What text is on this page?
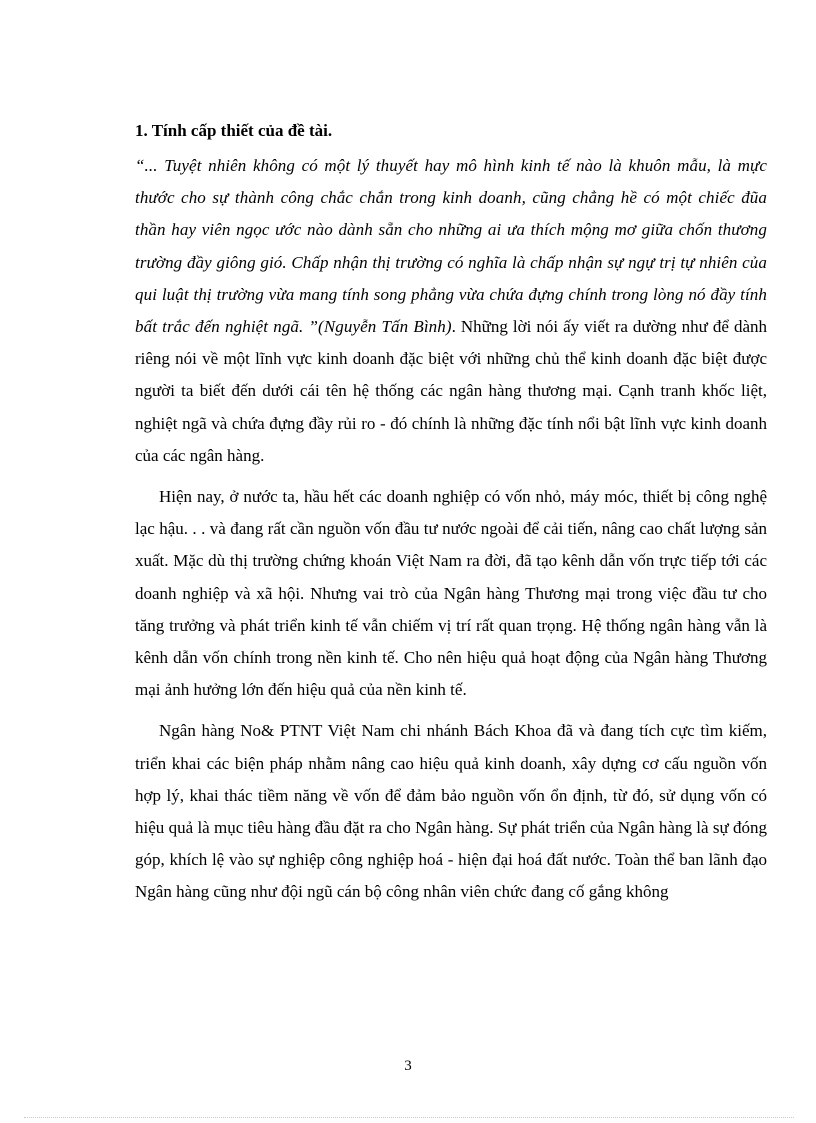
1. Tính cấp thiết của đề tài.

“... Tuyệt nhiên không có một lý thuyết hay mô hình kinh tế nào là khuôn mẫu, là mực thước cho sự thành công chắc chắn trong kinh doanh, cũng chẳng hề có một chiếc đũa thần hay viên ngọc ước nào dành sẵn cho những ai ưa thích mộng mơ giữa chốn thương trường đầy giông gió. Chấp nhận thị trường có nghĩa là chấp nhận sự ngự trị tự nhiên của qui luật thị trường vừa mang tính song phẳng vừa chứa đựng chính trong lòng nó đầy tính bất trắc đến nghiệt ngã. ”(Nguyễn Tấn Bình). Những lời nói ấy viết ra dường như để dành riêng nói về một lĩnh vực kinh doanh đặc biệt với những chủ thể kinh doanh đặc biệt được người ta biết đến dưới cái tên hệ thống các ngân hàng thương mại. Cạnh tranh khốc liệt, nghiệt ngã và chứa đựng đầy rủi ro - đó chính là những đặc tính nổi bật lĩnh vực kinh doanh của các ngân hàng.

Hiện nay, ở nước ta, hầu hết các doanh nghiệp có vốn nhỏ, máy móc, thiết bị công nghệ lạc hậu. . . và đang rất cần nguồn vốn đầu tư nước ngoài để cải tiến, nâng cao chất lượng sản xuất. Mặc dù thị trường chứng khoán Việt Nam ra đời, đã tạo kênh dẫn vốn trực tiếp tới các doanh nghiệp và xã hội. Nhưng vai trò của Ngân hàng Thương mại trong việc đầu tư cho tăng trưởng và phát triển kinh tế vẫn chiếm vị trí rất quan trọng. Hệ thống ngân hàng vẫn là kênh dẫn vốn chính trong nền kinh tế. Cho nên hiệu quả hoạt động của Ngân hàng Thương mại ảnh hưởng lớn đến hiệu quả của nền kinh tế.

Ngân hàng No& PTNT Việt Nam chi nhánh Bách Khoa đã và đang tích cực tìm kiếm, triển khai các biện pháp nhằm nâng cao hiệu quả kinh doanh, xây dựng cơ cấu nguồn vốn hợp lý, khai thác tiềm năng về vốn để đảm bảo nguồn vốn ổn định, từ đó, sử dụng vốn có hiệu quả là mục tiêu hàng đầu đặt ra cho Ngân hàng. Sự phát triển của Ngân hàng là sự đóng góp, khích lệ vào sự nghiệp công nghiệp hoá - hiện đại hoá đất nước. Toàn thể ban lãnh đạo Ngân hàng cũng như đội ngũ cán bộ công nhân viên chức đang cố gắng không

3
